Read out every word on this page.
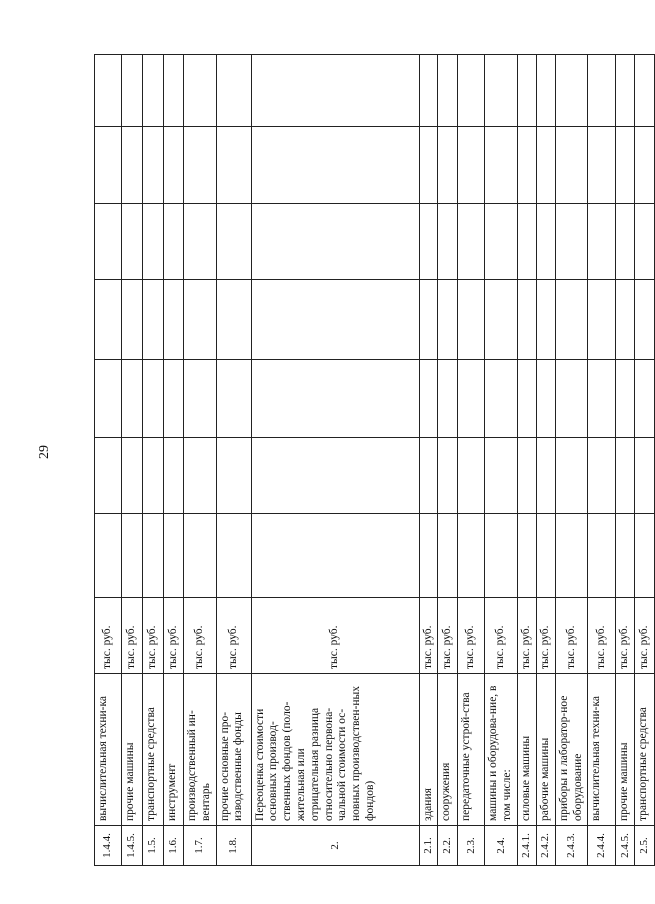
29
1.4.4.	вычислительная техни-ка	тыс. руб.							
1.4.5.	прочие машины	тыс. руб.							
1.5.	транспортные средства	тыс. руб.							
1.6.	инструмент	тыс. руб.							
1.7.	производственный ин-вентарь	тыс. руб.							
1.8.	прочие основные про-изводственные фонды	тыс. руб.							
2.	Переоценка стоимости основных производ-ственных фондов (поло-жительная или отрицательная разница относительно первона-чальной стоимости ос-новных производствен-ных фондов)	тыс. руб.							
2.1.	здания	тыс. руб.							
2.2.	сооружения	тыс. руб.							
2.3.	передаточные устрой-ства	тыс. руб.							
2.4.	машины и оборудова-ние, в том числе:	тыс. руб.							
2.4.1.	силовые машины	тыс. руб.							
2.4.2.	рабочие машины	тыс. руб.							
2.4.3.	приборы и лаборатор-ное оборудование	тыс. руб.							
2.4.4.	вычислительная техни-ка	тыс. руб.							
2.4.5.	прочие машины	тыс. руб.							
2.5.	транспортные средства	тыс. руб.							
